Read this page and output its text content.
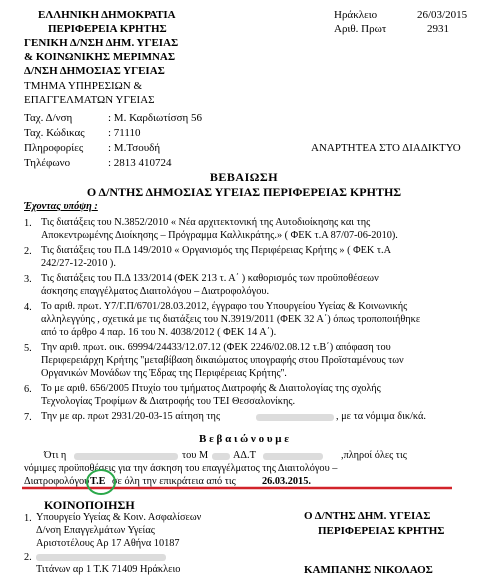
ΕΛΛΗΝΙΚΗ ΔΗΜΟΚΡΑΤΙΑ
ΠΕΡΙΦΕΡΕΙΑ ΚΡΗΤΗΣ
ΓΕΝΙΚΗ Δ/ΝΣΗ ΔΗΜ. ΥΓΕΙΑΣ
& ΚΟΙΝΩΝΙΚΗΣ ΜΕΡΙΜΝΑΣ
Δ/ΝΣΗ ΔΗΜΟΣΙΑΣ ΥΓΕΙΑΣ
ΤΜΗΜΑ ΥΠΗΡΕΣΙΩΝ &
ΕΠΑΓΓΕΛΜΑΤΩΝ ΥΓΕΙΑΣ
Ηράκλειο	26/03/2015
Αριθ. Πρωτ	2931
Ταχ. Δ/νση	: Μ. Καρδιωτίσση 56
Ταχ. Κώδικας : 71110
Πληροφορίες : Μ.Τσουδή
Τηλέφωνο	: 2813 410724
ΑΝΑΡΤΗΤΕΑ ΣΤΟ ΔΙΑΔΙΚΤΥΟ
ΒΕΒΑΙΩΣΗ
Ο Δ/ΝΤΗΣ ΔΗΜΟΣΙΑΣ ΥΓΕΙΑΣ ΠΕΡΙΦΕΡΕΙΑΣ ΚΡΗΤΗΣ
Έχοντας υπόψη :
1. Τις διατάξεις του Ν.3852/2010 « Νέα αρχιτεκτονική της Αυτοδιοίκησης και της
Αποκεντρωμένης Διοίκησης – Πρόγραμμα Καλλικράτης.» ( ΦΕΚ τ.Α 87/07-06-2010).
2. Τις διατάξεις του Π.Δ 149/2010 « Οργανισμός της Περιφέρειας Κρήτης » ( ΦΕΚ τ.Α
242/27-12-2010 ).
3. Τις διατάξεις του Π.Δ 133/2014 (ΦΕΚ 213 τ. Α΄ ) καθορισμός των προϋποθέσεων
άσκησης επαγγέλματος Διαιτολόγου – Διατροφολόγου.
4. Το αριθ. πρωτ. Υ7/Γ.Π/6701/28.03.2012, έγγραφο του Υπουργείου Υγείας & Κοινωνικής
αλληλεγγύης , σχετικά με τις διατάξεις του Ν.3919/2011 (ΦΕΚ 32 Α΄) όπως τροποποιήθηκε
από το άρθρο 4 παρ. 16 του Ν. 4038/2012 ( ΦΕΚ 14 Α΄).
5. Την αριθ. πρωτ. οικ. 69994/24433/12.07.12 (ΦΕΚ 2246/02.08.12 τ.Β΄) απόφαση του
Περιφερειάρχη Κρήτης ''μεταβίβαση δικαιώματος υπογραφής στου Προϊσταμένους των
Οργανικών Μονάδων της Έδρας της Περιφέρειας Κρήτης''.
6. Το με αριθ. 656/2005 Πτυχίο του τμήματος Διατροφής & Διαιτολογίας της σχολής
Τεχνολογίας Τροφίμων & Διατροφής του ΤΕΙ Θεσσαλονίκης.
7. Την με αρ. πρωτ 2931/20-03-15 αίτηση της	, με τα νόμιμα δικ/κά.
Β ε β α ι ώ ν ο υ μ ε
Ότι η	του Μ ΑΔ.Τ	,πληροί όλες τις
νόμιμες προϋποθέσεις για την άσκηση του επαγγέλματος της Διαιτολόγου –
Διατροφολόγου Τ.Ε σε όλη την επικράτεια από τις	26.03.2015.
ΚΟΙΝΟΠΟΙΗΣΗ
Ο Δ/ΝΤΗΣ ΔΗΜ. ΥΓΕΙΑΣ
ΠΕΡΙΦΕΡΕΙΑΣ ΚΡΗΤΗΣ
1. Υπουργείο Υγείας & Κοιν. Ασφαλίσεων
Δ/νση Επαγγελμάτων Υγείας
Αριστοτέλους Αρ 17 Αθήνα 10187
2.
Τιτάνων αρ 1 Τ.Κ 71409 Ηράκλειο	ΚΑΜΠΑΝΗΣ ΝΙΚΟΛΑΟΣ
